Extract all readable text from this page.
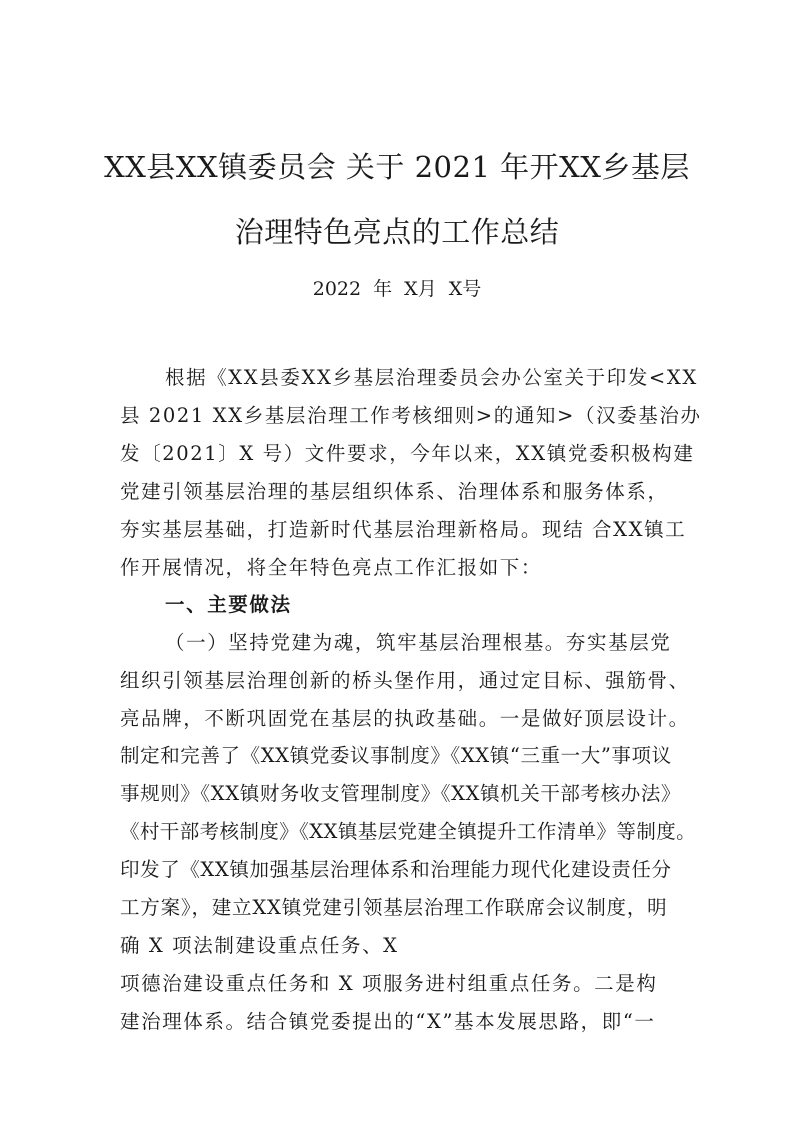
XX县XX镇委员会 关于 2021 年开XX乡基层
治理特色亮点的工作总结
2022 年 X月 X号
根据《XX县委XX乡基层治理委员会办公室关于印发<XX
县 2021 XX乡基层治理工作考核细则>的通知>（汉委基治办
发〔2021〕X 号）文件要求，今年以来，XX镇党委积极构建
党建引领基层治理的基层组织体系、治理体系和服务体系，
夯实基层基础，打造新时代基层治理新格局。现结 合XX镇工
作开展情况，将全年特色亮点工作汇报如下：
一、主要做法
（一）坚持党建为魂，筑牢基层治理根基。夯实基层党
组织引领基层治理创新的桥头堡作用，通过定目标、强筋骨、
亮品牌，不断巩固党在基层的执政基础。一是做好顶层设计。
制定和完善了《XX镇党委议事制度》《XX镇“三重一大”事项议
事规则》《XX镇财务收支管理制度》《XX镇机关干部考核办法》
《村干部考核制度》《XX镇基层党建全镇提升工作清单》等制度。
印发了《XX镇加强基层治理体系和治理能力现代化建设责任分
工方案》，建立XX镇党建引领基层治理工作联席会议制度，明
确 X 项法制建设重点任务、X
项德治建设重点任务和 X 项服务进村组重点任务。二是构
建治理体系。结合镇党委提出的“X”基本发展思路，即“一
